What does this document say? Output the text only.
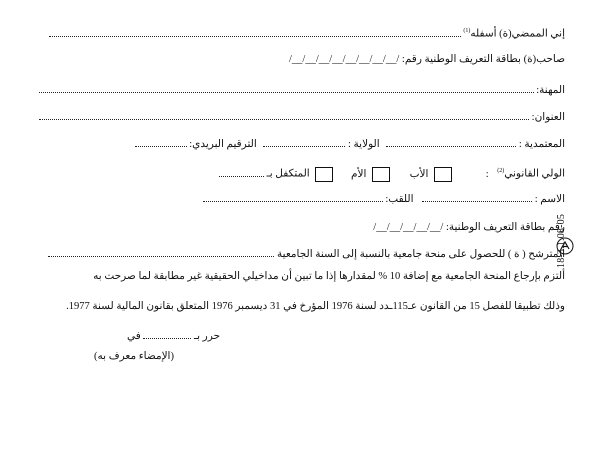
إني الممضي(ة) أسفله$^{(1)}$
صاحب(ة) بطاقة التعريف الوطنية رقم: /__/__/__/__/__/__/__/__/
المهنة:
العنوان:
المعتمدية :  الولاية :  الترقيم البريدي:
الولي القانوني$^{(2)}$ :  الأب  الأم  المتكفل بـ
الاسم :  اللقب:
رقم بطاقة التعريف الوطنية: /__/__/__/__/__/
المترشح ( ة ) للحصول على منحة جامعية بالنسبة إلى السنة الجامعية
ألتزم بإرجاع المنحة الجامعية مع إضافة 10 % لمقدارها إذا ما تبين أن مداخيلي الحقيقية غير مطابقة لما صرحت به
وذلك تطبيقا للفصل 15 من القانون عـ115ـدد لسنة 1976 المؤرخ في 31 ديسمبر 1976 المتعلق بقانون المالية لسنة 1977.
حرر بـ  في
(الإمضاء معرف به)
18-3.1.08-05
